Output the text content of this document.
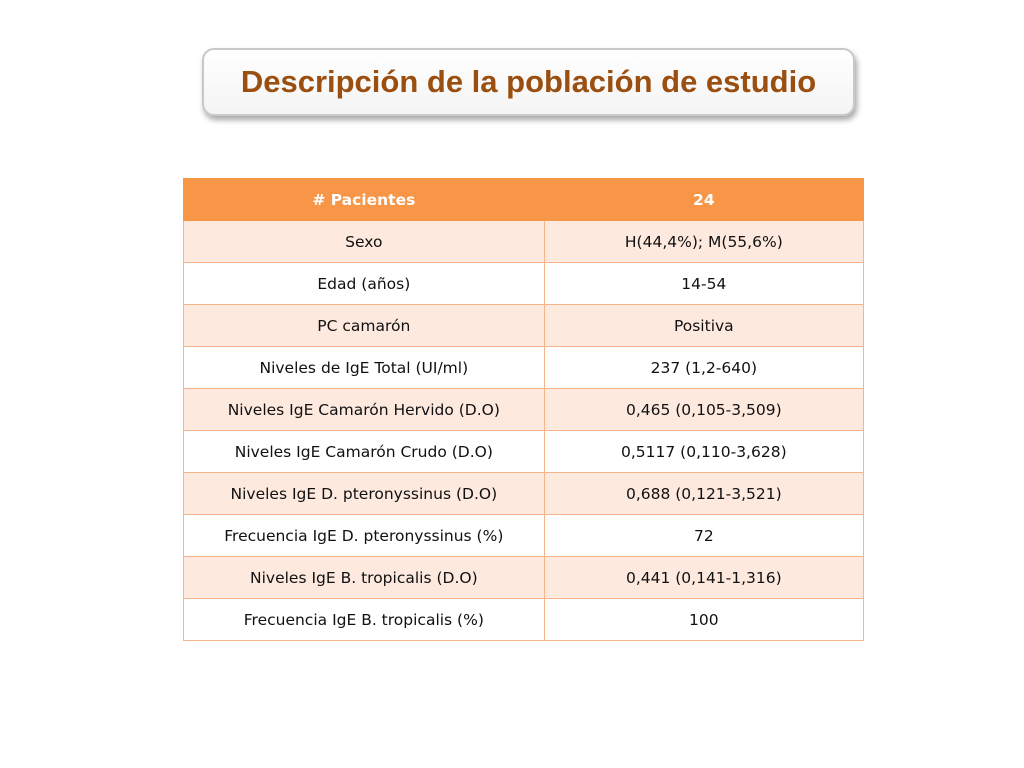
Descripción de la población de estudio
# Pacientes	24
Sexo	H(44,4%); M(55,6%)
Edad (años)	14-54
PC camarón	Positiva
Niveles de IgE Total (UI/ml)	237 (1,2-640)
Niveles IgE Camarón Hervido (D.O)	0,465 (0,105-3,509)
Niveles IgE Camarón Crudo (D.O)	0,5117 (0,110-3,628)
Niveles IgE D. pteronyssinus (D.O)	0,688 (0,121-3,521)
Frecuencia IgE D. pteronyssinus (%)	72
Niveles IgE B. tropicalis (D.O)	0,441 (0,141-1,316)
Frecuencia IgE B. tropicalis (%)	100
